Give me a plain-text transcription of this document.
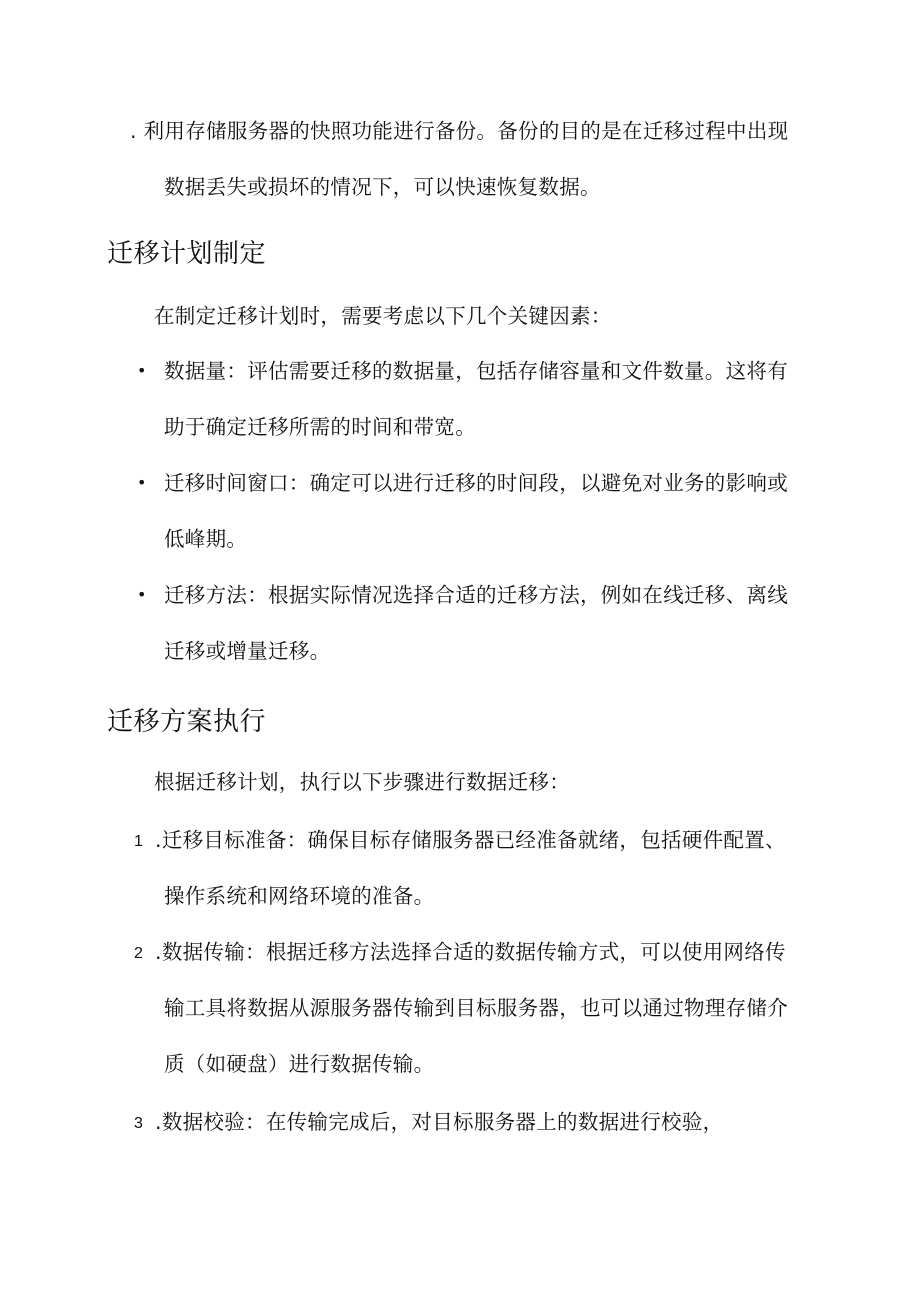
. 利用存储服务器的快照功能进行备份。备份的目的是在迁移过程中出现
数据丢失或损坏的情况下，可以快速恢复数据。
迁移计划制定
在制定迁移计划时，需要考虑以下几个关键因素：
• 数据量：评估需要迁移的数据量，包括存储容量和文件数量。这将有
助于确定迁移所需的时间和带宽。
• 迁移时间窗口：确定可以进行迁移的时间段，以避免对业务的影响或
低峰期。
• 迁移方法：根据实际情况选择合适的迁移方法，例如在线迁移、离线
迁移或增量迁移。
迁移方案执行
根据迁移计划，执行以下步骤进行数据迁移：
1 .迁移目标准备：确保目标存储服务器已经准备就绪，包括硬件配置、
操作系统和网络环境的准备。
2 .数据传输：根据迁移方法选择合适的数据传输方式，可以使用网络传
输工具将数据从源服务器传输到目标服务器，也可以通过物理存储介
质（如硬盘）进行数据传输。
3 .数据校验：在传输完成后，对目标服务器上的数据进行校验，
